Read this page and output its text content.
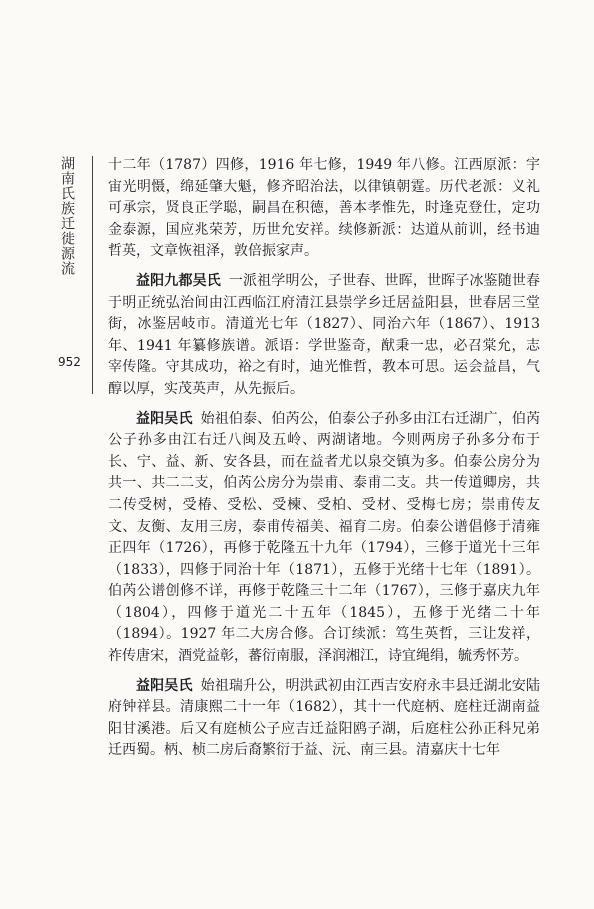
湖南氏族迁徙源流
952

十二年（1787）四修，1916 年七修，1949 年八修。江西原派：宇宙光明慑，绵延肇大魁，修齐昭治法，以律镇朝霆。历代老派：义礼可承宗，贤良正学聪，嗣昌在积德，善本孝惟先，时逢克登仕，定功金泰源，国应兆荣芳，历世允安祥。续修新派：达道从前训，经书迪哲英，文章恢祖泽，敦倍振家声。

益阳九都吴氏 一派祖学明公，子世春、世晖，世晖子冰鉴随世春于明正统弘治间由江西临江府清江县崇学乡迁居益阳县，世春居三堂街，冰鉴居岐市。清道光七年（1827）、同治六年（1867）、1913 年、1941 年纂修族谱。派语：学世鉴奇，猷秉一忠，必召棠允，志宰传隆。守其成功，裕之有时，迪光惟哲，教本可思。运会益昌，气醇以厚，实茂英声，从先振后。

益阳吴氏 始祖伯泰、伯芮公，伯泰公子孙多由江右迁湖广，伯芮公子孙多由江右迁八闽及五岭、两湖诸地。今则两房子孙多分布于长、宁、益、新、安各县，而在益者尤以泉交镇为多。伯泰公房分为共一、共二二支，伯芮公房分为崇甫、泰甫二支。共一传道卿房，共二传受树，受椿、受松、受楝、受柏、受材、受梅七房；崇甫传友文、友衡、友用三房，泰甫传福美、福育二房。伯泰公谱倡修于清雍正四年（1726），再修于乾隆五十九年（1794），三修于道光十三年（1833），四修于同治十年（1871），五修于光绪十七年（1891）。伯芮公谱创修不详，再修于乾隆三十二年（1767），三修于嘉庆九年（1804），四修于道光二十五年（1845），五修于光绪二十年（1894）。1927 年二大房合修。合订续派：笃生英哲，三让发祥，祚传唐宋，酒党益彰，蕃衍南服，泽润湘江，诗宜绳绢，毓秀怀芳。

益阳吴氏 始祖瑞升公，明洪武初由江西吉安府永丰县迁湖北安陆府钟祥县。清康熙二十一年（1682），其十一代庭柄、庭柱迁湖南益阳甘溪港。后又有庭桢公子应吉迁益阳鸥子湖，后庭柱公孙正科兄弟迁西蜀。柄、桢二房后裔繁衍于益、沅、南三县。清嘉庆十七年
